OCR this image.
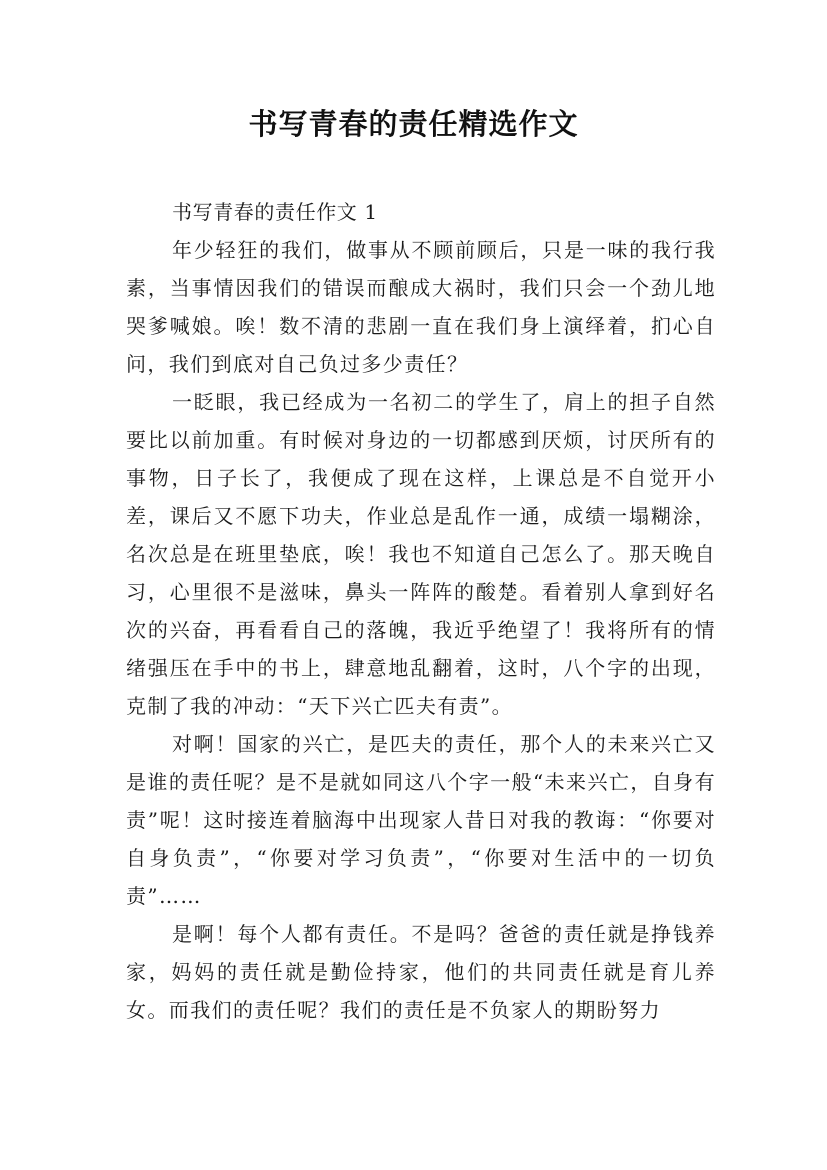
书写青春的责任精选作文

书写青春的责任作文 1

年少轻狂的我们，做事从不顾前顾后，只是一味的我行我素，当事情因我们的错误而酿成大祸时，我们只会一个劲儿地哭爹喊娘。唉！数不清的悲剧一直在我们身上演绎着，扪心自问，我们到底对自己负过多少责任？

一眨眼，我已经成为一名初二的学生了，肩上的担子自然要比以前加重。有时候对身边的一切都感到厌烦，讨厌所有的事物，日子长了，我便成了现在这样，上课总是不自觉开小差，课后又不愿下功夫，作业总是乱作一通，成绩一塌糊涂，名次总是在班里垫底，唉！我也不知道自己怎么了。那天晚自习，心里很不是滋味，鼻头一阵阵的酸楚。看着别人拿到好名次的兴奋，再看看自己的落魄，我近乎绝望了！我将所有的情绪强压在手中的书上，肆意地乱翻着，这时，八个字的出现，克制了我的冲动：“天下兴亡匹夫有责”。

对啊！国家的兴亡，是匹夫的责任，那个人的未来兴亡又是谁的责任呢？是不是就如同这八个字一般“未来兴亡，自身有责”呢！这时接连着脑海中出现家人昔日对我的教诲：“你要对自身负责”，“你要对学习负责”，“你要对生活中的一切负责”……

是啊！每个人都有责任。不是吗？爸爸的责任就是挣钱养家，妈妈的责任就是勤俭持家，他们的共同责任就是育儿养女。而我们的责任呢？我们的责任是不负家人的期盼努力
